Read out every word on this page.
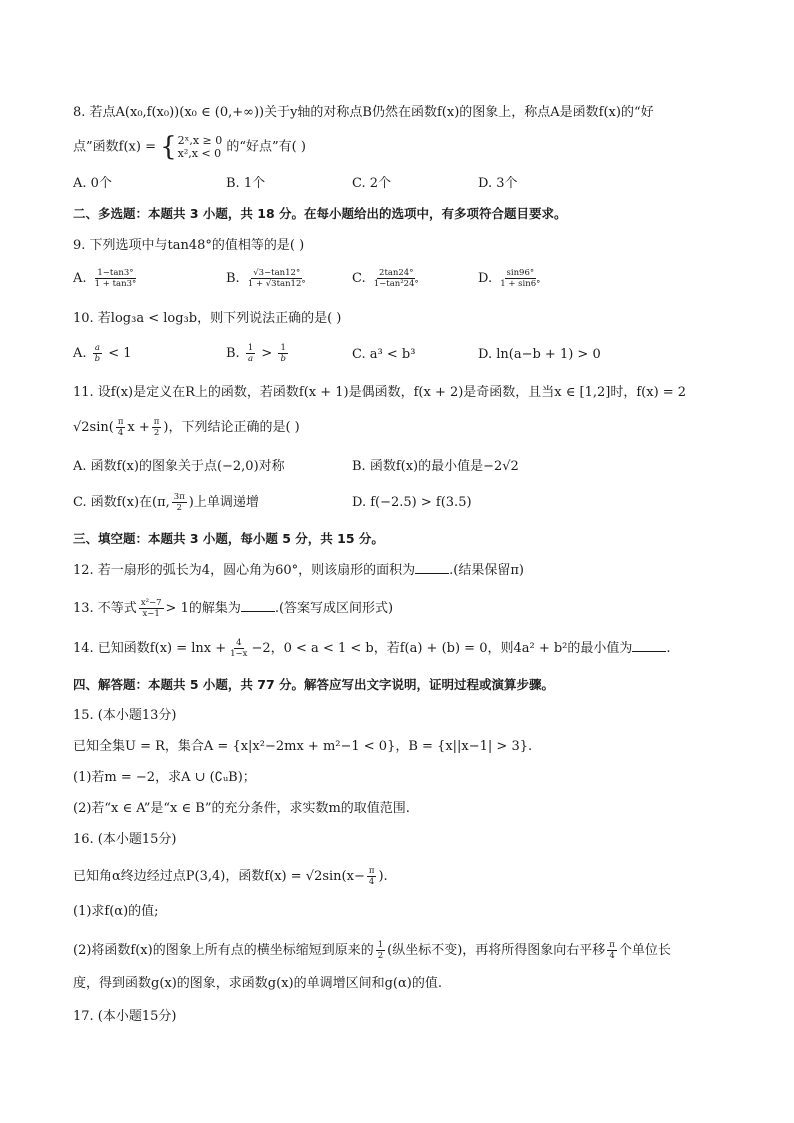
8. 若点A(x₀,f(x₀))(x₀ ∈ (0,+∞))关于y轴的对称点B仍然在函数f(x)的图象上，称点A是函数f(x)的“好
点”函数f(x) = { 2ˣ,x ≥ 0
x²,x < 0 的“好点”有( )
A. 0个	B. 1个	C. 2个	D. 3个
二、多选题：本题共 3 小题，共 18 分。在每小题给出的选项中，有多项符合题目要求。
9. 下列选项中与tan48°的值相等的是( )
A. $\frac{1-\tan 3^\circ}{1 + \tan 3^\circ}$	B. $\frac{√3-\tan 12^\circ}{1 + √3\tan 12^\circ}$	C. $\frac{2\tan 24^\circ}{\text{1−tan²24°}}$	D. $\frac{\sin 96^\circ}{1 + \sin 6^\circ}$
10. 若log₃a < log₃b，则下列说法正确的是( )
A. $\frac{a}{b} < 1$	B. $\frac{1}{a} > \frac{1}{b}$	C. a³ < b³	D. ln(a−b + 1) > 0
11. 设f(x)是定义在R上的函数，若函数f(x + 1)是偶函数，f(x + 2)是奇函数，且当x ∈ [1,2]时，f(x) = 2
$√2\sin( \frac{\pi}{4}$ $x + \frac{\pi}{2}$ )，下列结论正确的是( )
A. 函数f(x)的图象关于点(−2,0)对称	B. 函数f(x)的最小值是−2√2
C. 函数f(x)在(π, $\frac{3\pi}{2}$ )上单调递增	D. f(−2.5) > f(3.5)
三、填空题：本题共 3 小题，每小题 5 分，共 15 分。
12. 若一扇形的弧长为4，圆心角为60°，则该扇形的面积为	.(结果保留π)
13. 不等式 $\frac{\text{x²−7}}{x-1} > 1$的解集为	.(答案写成区间形式)
14. 已知函数$f(x) = \ln x + \frac{4}{1-x} -2$，0 < a < 1 < b，若f(a) + (b) = 0，则4a² + b²的最小值为	.
四、解答题：本题共 5 小题，共 77 分。解答应写出文字说明，证明过程或演算步骤。
15. (本小题13分)
已知全集U = R，集合A = {x|x²−2mx + m²−1 < 0}，B = {x||x−1| > 3}.
(1)若m = −2，求A ∪ (∁ᵤB)；
(2)若“x ∈ A”是“x ∈ B”的充分条件，求实数m的取值范围.
16. (本小题15分)
已知角α终边经过点P(3,4)，函数$f(x) = √2\sin(x- \frac{\pi}{4}$ ).
(1)求f(α)的值;
(2)将函数f(x)的图象上所有点的横坐标缩短到原来的 $\frac{1}{2}$ (纵坐标不变)，再将所得图象向右平移 $\frac{\pi}{4}$ 个单位长
度，得到函数g(x)的图象，求函数g(x)的单调增区间和g(α)的值.
17. (本小题15分)
